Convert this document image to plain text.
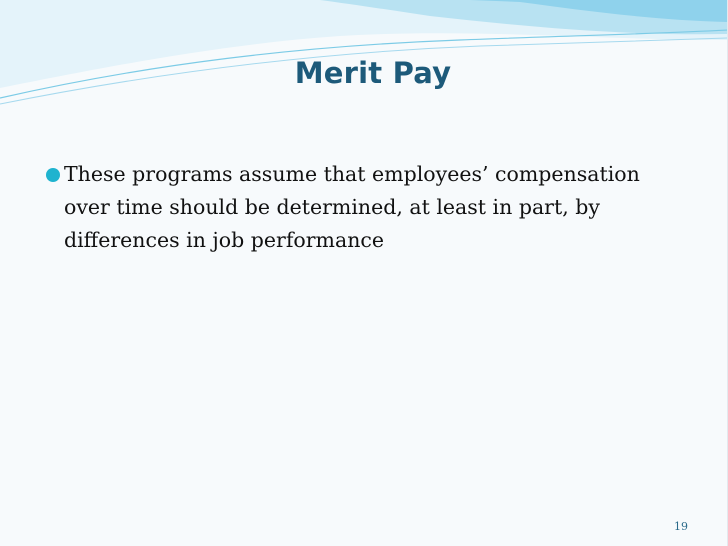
Merit Pay
These programs assume that employees’ compensation over time should be determined, at least in part, by differences in job performance
19
